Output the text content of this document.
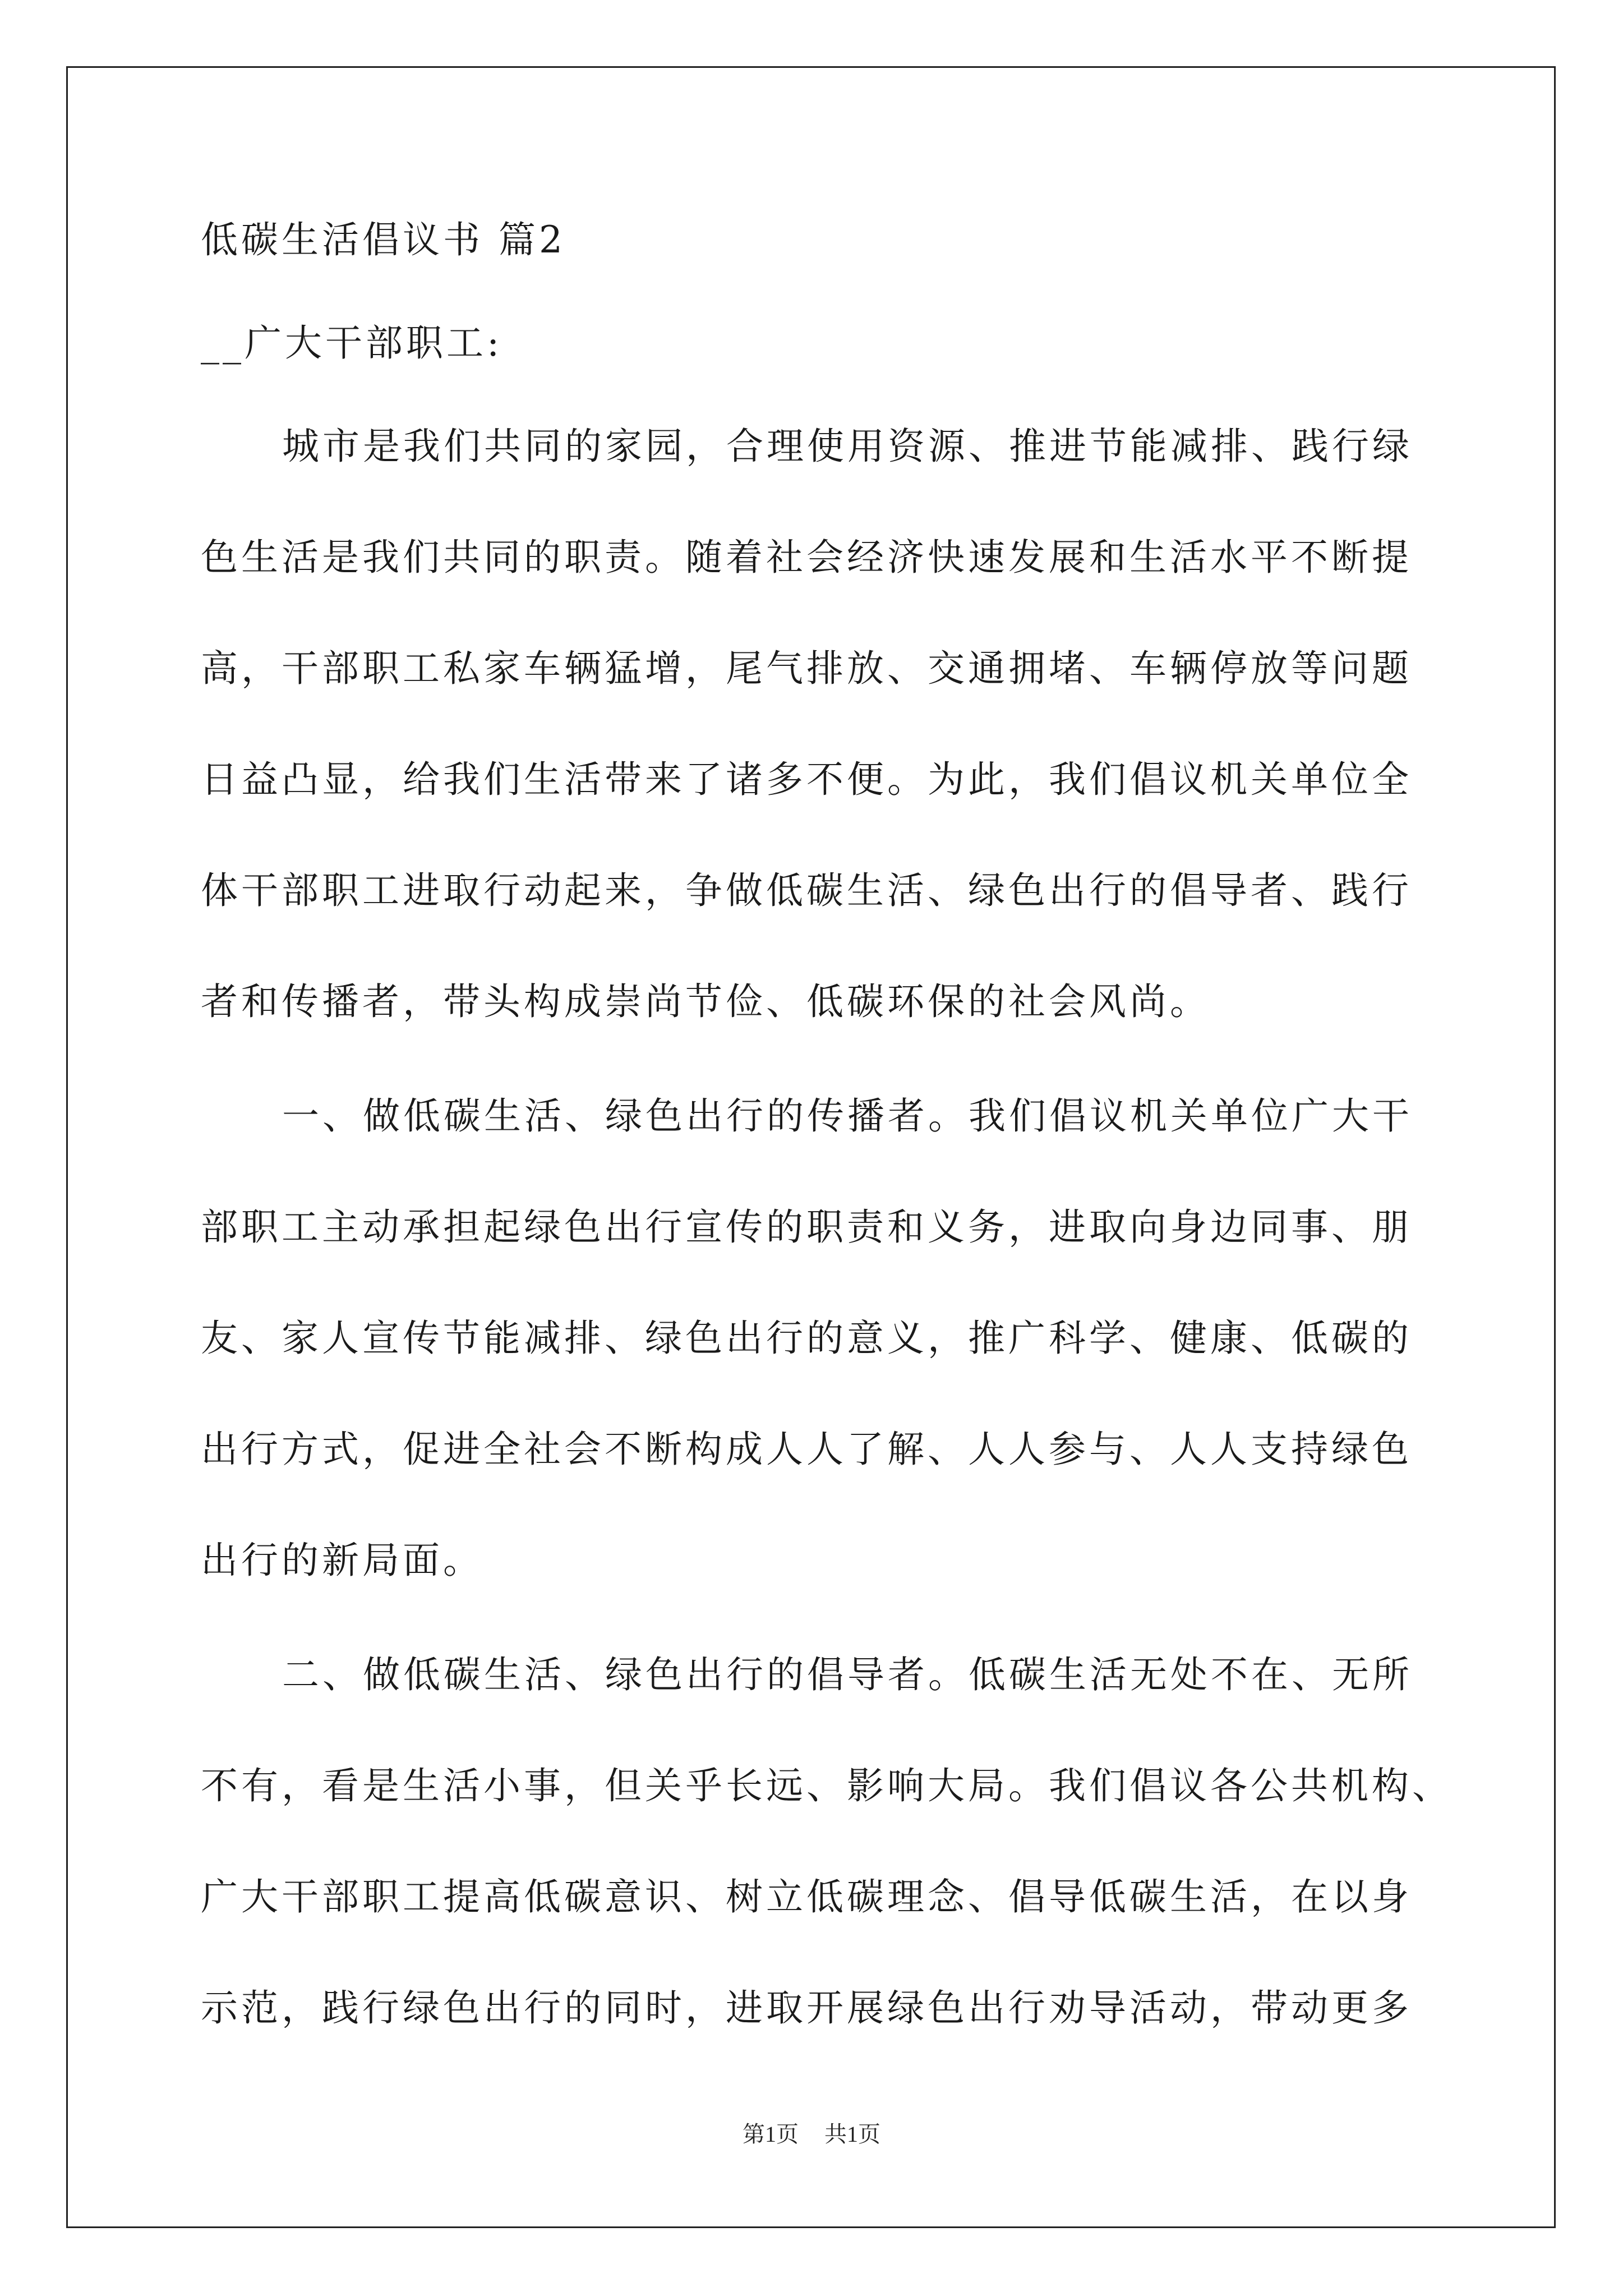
低碳生活倡议书 篇2

__广大干部职工:

城市是我们共同的家园，合理使用资源、推进节能减排、践行绿

色生活是我们共同的职责。随着社会经济快速发展和生活水平不断提

高，干部职工私家车辆猛增，尾气排放、交通拥堵、车辆停放等问题

日益凸显，给我们生活带来了诸多不便。为此，我们倡议机关单位全

体干部职工进取行动起来，争做低碳生活、绿色出行的倡导者、践行

者和传播者，带头构成崇尚节俭、低碳环保的社会风尚。

一、做低碳生活、绿色出行的传播者。我们倡议机关单位广大干

部职工主动承担起绿色出行宣传的职责和义务，进取向身边同事、朋

友、家人宣传节能减排、绿色出行的意义，推广科学、健康、低碳的

出行方式，促进全社会不断构成人人了解、人人参与、人人支持绿色

出行的新局面。

二、做低碳生活、绿色出行的倡导者。低碳生活无处不在、无所

不有，看是生活小事，但关乎长远、影响大局。我们倡议各公共机构、

广大干部职工提高低碳意识、树立低碳理念、倡导低碳生活，在以身

示范，践行绿色出行的同时，进取开展绿色出行劝导活动，带动更多

第1页 共1页
